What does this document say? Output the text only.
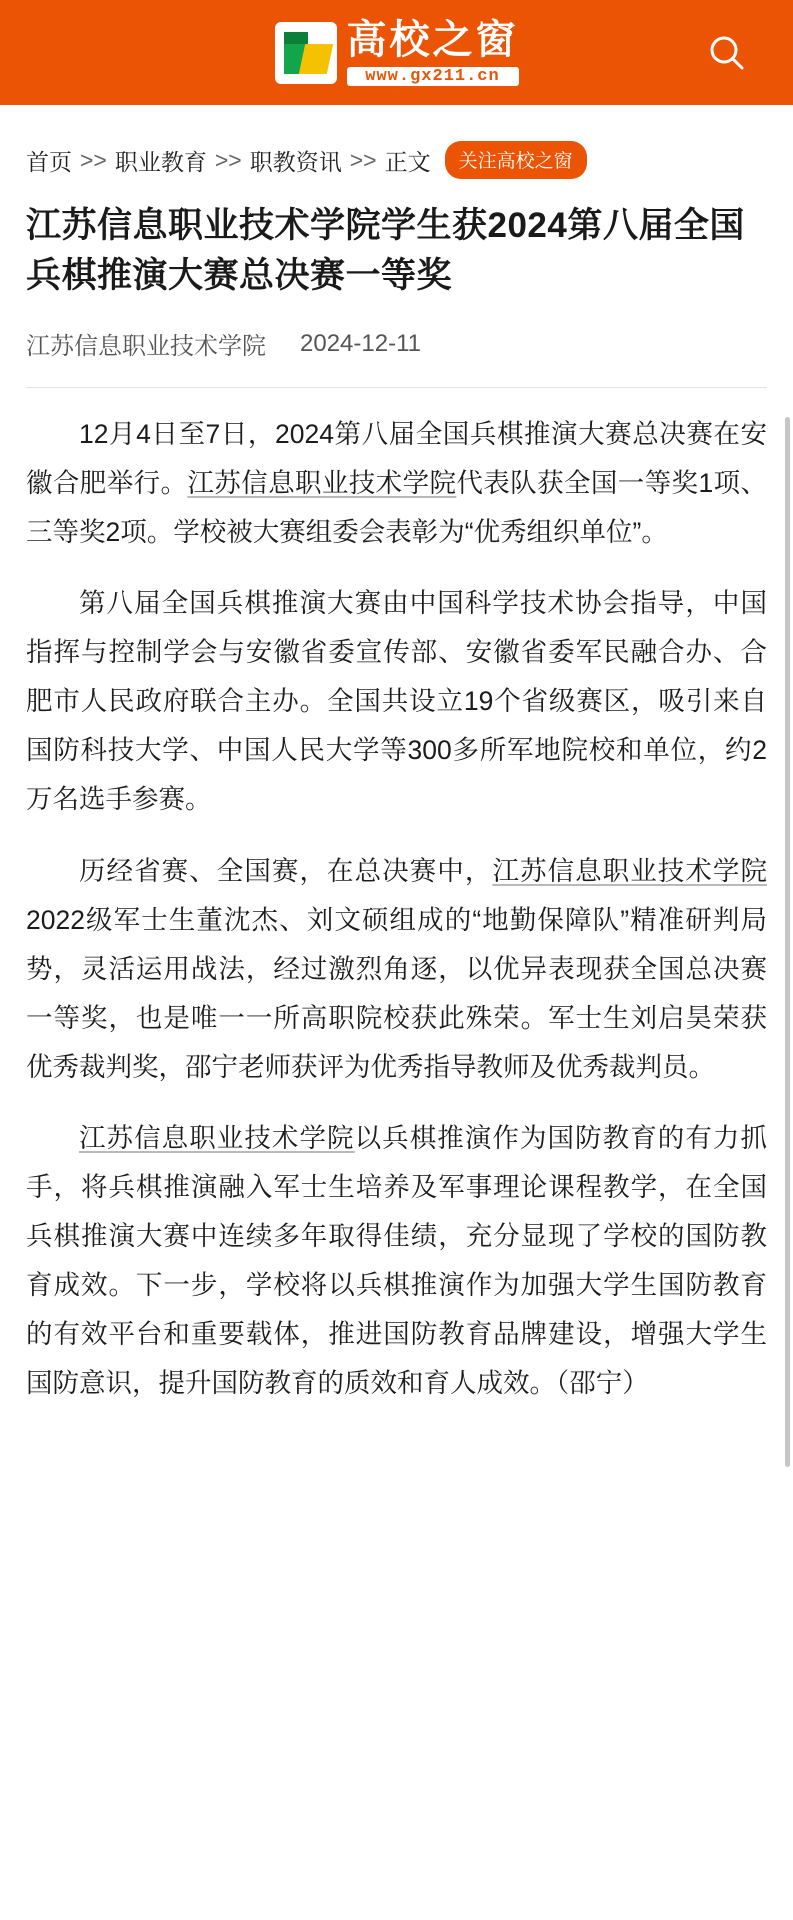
高校之窗
www.gx211.cn
首页 >> 职业教育 >> 职教资讯 >> 正文	关注高校之窗
江苏信息职业技术学院学生获2024第八届全国兵棋推演大赛总决赛一等奖
江苏信息职业技术学院 2024-12-11

12月4日至7日，2024第八届全国兵棋推演大赛总决赛在安徽合肥举行。江苏信息职业技术学院代表队获全国一等奖1项、三等奖2项。学校被大赛组委会表彰为“优秀组织单位”。

第八届全国兵棋推演大赛由中国科学技术协会指导，中国指挥与控制学会与安徽省委宣传部、安徽省委军民融合办、合肥市人民政府联合主办。全国共设立19个省级赛区，吸引来自国防科技大学、中国人民大学等300多所军地院校和单位，约2万名选手参赛。

历经省赛、全国赛，在总决赛中，江苏信息职业技术学院2022级军士生董沈杰、刘文硕组成的“地勤保障队”精准研判局势，灵活运用战法，经过激烈角逐，以优异表现获全国总决赛一等奖，也是唯一一所高职院校获此殊荣。军士生刘启昊荣获优秀裁判奖，邵宁老师获评为优秀指导教师及优秀裁判员。

江苏信息职业技术学院以兵棋推演作为国防教育的有力抓手，将兵棋推演融入军士生培养及军事理论课程教学，在全国兵棋推演大赛中连续多年取得佳绩，充分显现了学校的国防教育成效。下一步，学校将以兵棋推演作为加强大学生国防教育的有效平台和重要载体，推进国防教育品牌建设，增强大学生国防意识，提升国防教育的质效和育人成效。（邵宁）
